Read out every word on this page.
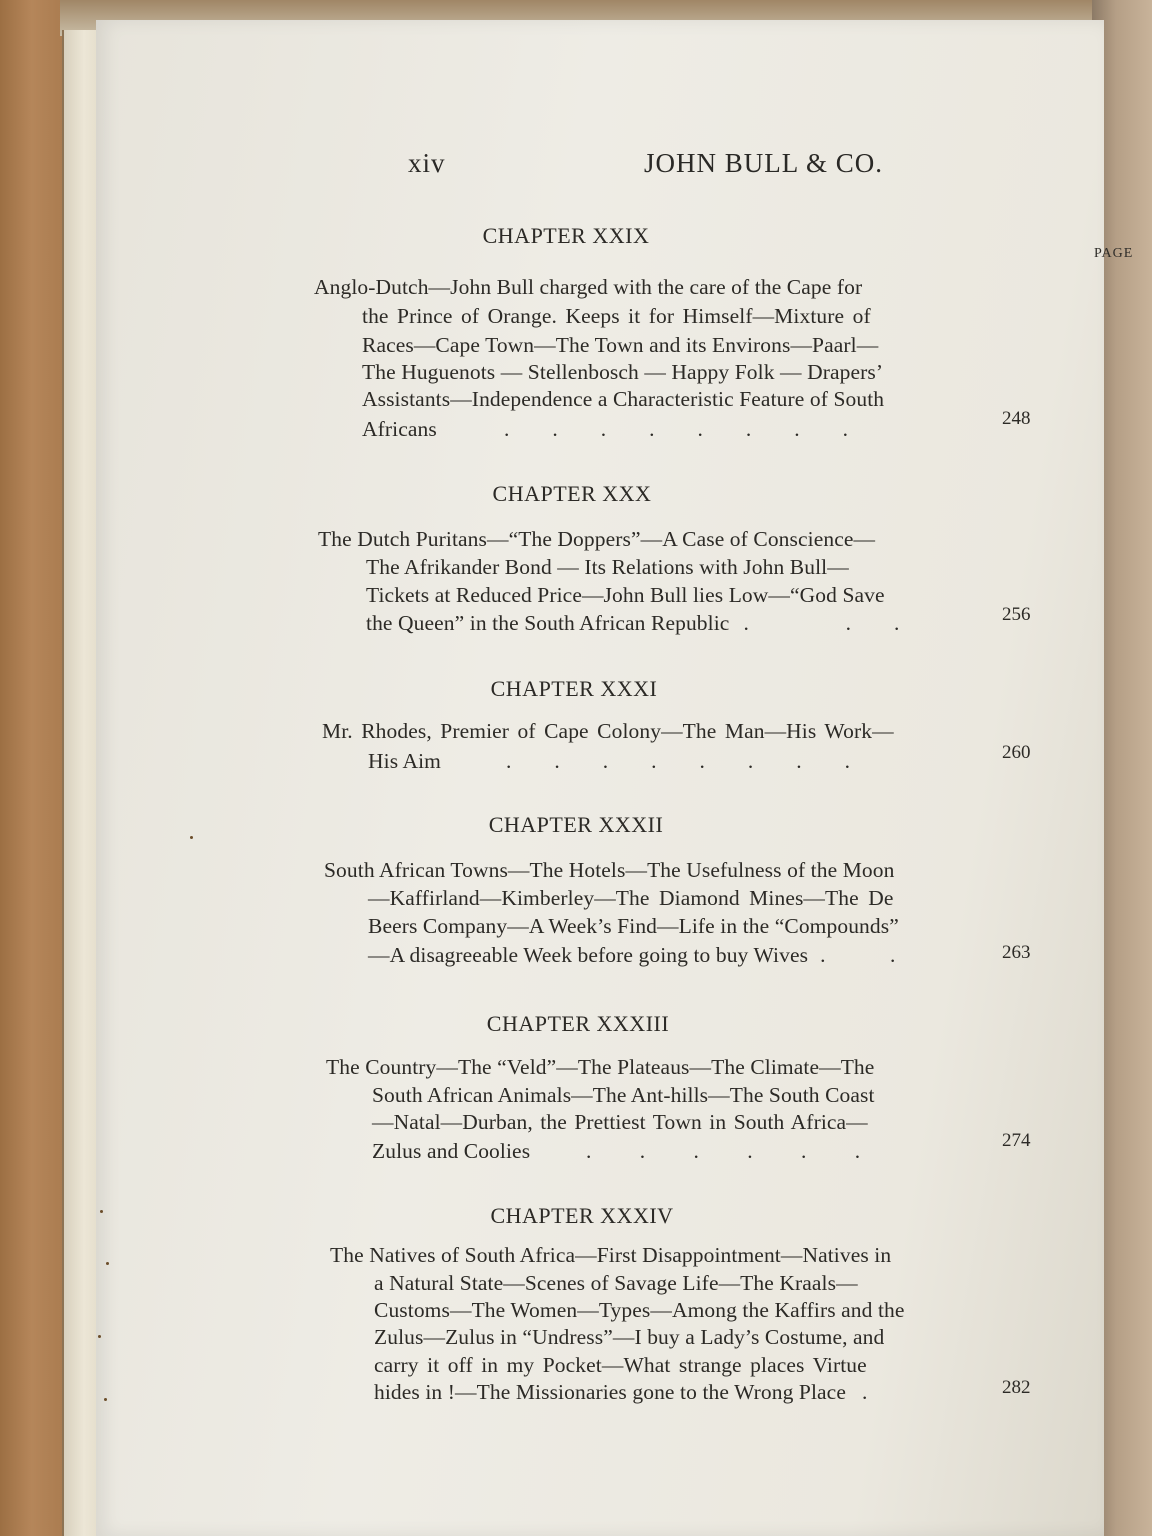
xiv	JOHN BULL & CO.
PAGE
CHAPTER XXIX
Anglo-Dutch—John Bull charged with the care of the Cape for
the Prince of Orange. Keeps it for Himself—Mixture of
Races—Cape Town—The Town and its Environs—Paarl—
The Huguenots — Stellenbosch — Happy Folk — Drapers’
Assistants—Independence a Characteristic Feature of South
Africans	.        .        .        .        .        .        .        .	248
CHAPTER XXX
The Dutch Puritans—“The Doppers”—A Case of Conscience—
The Afrikander Bond — Its Relations with John Bull—
Tickets at Reduced Price—John Bull lies Low—“God Save
the Queen” in the South African Republic .                  .        .	256
CHAPTER XXXI
Mr. Rhodes, Premier of Cape Colony—The Man—His Work—
His Aim	.        .        .        .        .        .        .        .	260
CHAPTER XXXII
South African Towns—The Hotels—The Usefulness of the Moon
—Kaffirland—Kimberley—The Diamond Mines—The De
Beers Company—A Week’s Find—Life in the “Compounds”
—A disagreeable Week before going to buy Wives .            .	263
CHAPTER XXXIII
The Country—The “Veld”—The Plateaus—The Climate—The
South African Animals—The Ant-hills—The South Coast
—Natal—Durban, the Prettiest Town in South Africa—
Zulus and Coolies	.         .         .         .         .         .	274
CHAPTER XXXIV
The Natives of South Africa—First Disappointment—Natives in
a Natural State—Scenes of Savage Life—The Kraals—
Customs—The Women—Types—Among the Kaffirs and the
Zulus—Zulus in “Undress”—I buy a Lady’s Costume, and
carry it off in my Pocket—What strange places Virtue
hides in !—The Missionaries gone to the Wrong Place .	282
